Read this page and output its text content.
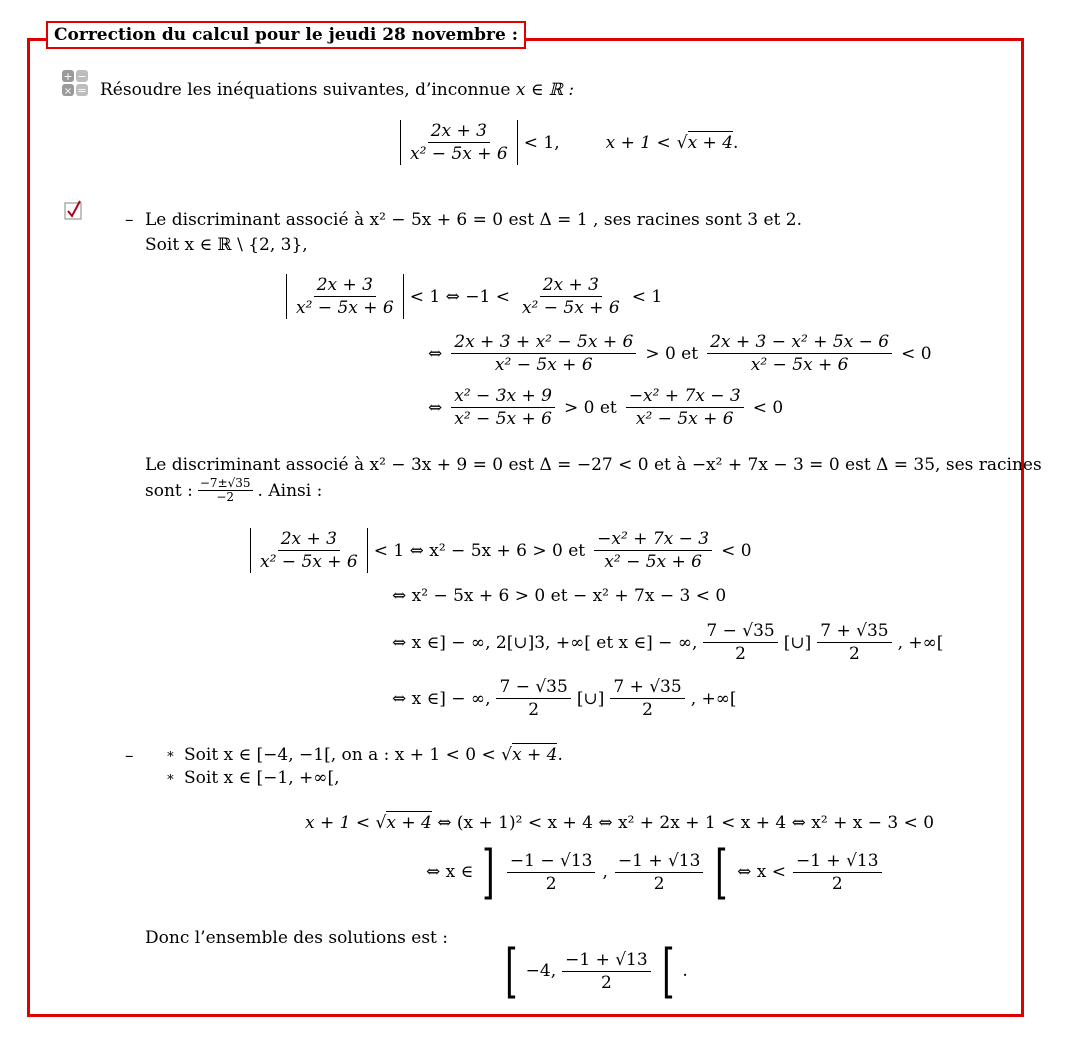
Correction du calcul pour le jeudi 28 novembre :
+ −
× = Résoudre les inéquations suivantes, d’inconnue x ∈ ℝ :
$\frac{2x + 3}{\text{x² − 5x + 6}} < 1$,	x + 1 < √x + 4.
– Le discriminant associé à x² − 5x + 6 = 0 est Δ = 1 , ses racines sont 3 et 2.
Soit x ∈ ℝ \ {2, 3},
$\frac{2x + 3}{\text{x² − 5x + 6}} < 1$ ⇔ $-1 < \frac{2x + 3}{\text{x² − 5x + 6}} < 1$
⇔ $\frac{\text{2x + 3 + x² − 5x + 6}}{\text{x² − 5x + 6}} > 0$ et $\frac{\text{2x + 3 − x² + 5x − 6}}{\text{x² − 5x + 6}} < 0$
⇔ $\frac{\text{x² − 3x + 9}}{\text{x² − 5x + 6}} > 0$ et $\frac{\text{−x² + 7x − 3}}{\text{x² − 5x + 6}} < 0$
Le discriminant associé à x² − 3x + 9 = 0 est Δ = −27 < 0 et à −x² + 7x − 3 = 0 est Δ = 35, ses racines
sont : $\frac{-7\pm√35}{-2}$ . Ainsi :
$\frac{2x + 3}{\text{x² − 5x + 6}} < 1$ ⇔ x² − 5x + 6 > 0 et $\frac{\text{−x² + 7x − 3}}{\text{x² − 5x + 6}} < 0$
⇔ x² − 5x + 6 > 0 et − x² + 7x − 3 < 0
⇔ x ∈] − ∞, 2[∪]3, +∞[ et x ∈] − ∞, $\frac{7 - √35}{2}$ [∪] $\frac{7 + √35}{2}$ , +∞[
⇔ x ∈] − ∞, $\frac{7 - √35}{2}$ [∪] $\frac{7 + √35}{2}$ , +∞[
–	∗ Soit x ∈ [−4, −1[, on a : x + 1 < 0 < √x + 4.
∗ Soit x ∈ [−1, +∞[,
x + 1 < √x + 4 ⇔ (x + 1)² < x + 4 ⇔ x² + 2x + 1 < x + 4 ⇔ x² + x − 3 < 0
⇔ x ∈ ] $\frac{-1 - √13}{2}$ , $\frac{-1 + √13}{2}$ [ ⇔ $x < \frac{-1 + √13}{2}$
Donc l’ensemble des solutions est : [ −4, $\frac{-1 + √13}{2}$ [ .
